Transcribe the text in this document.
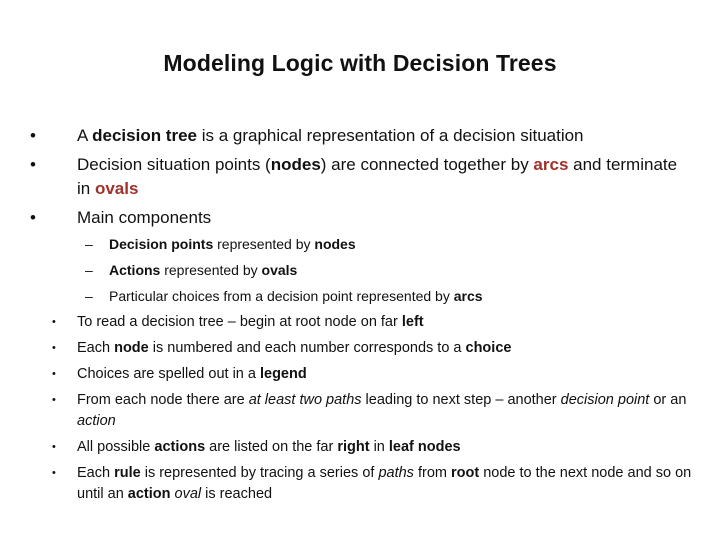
Modeling Logic with Decision Trees
• A decision tree is a graphical representation of a decision situation
• Decision situation points (nodes) are connected together by arcs and terminate in ovals
• Main components
– Decision points represented by nodes
– Actions represented by ovals
– Particular choices from a decision point represented by arcs
• To read a decision tree – begin at root node on far left
• Each node is numbered and each number corresponds to a choice
• Choices are spelled out in a legend
• From each node there are at least two paths leading to next step – another decision point or an action
• All possible actions are listed on the far right in leaf nodes
• Each rule is represented by tracing a series of paths from root node to the next node and so on until an action oval is reached
